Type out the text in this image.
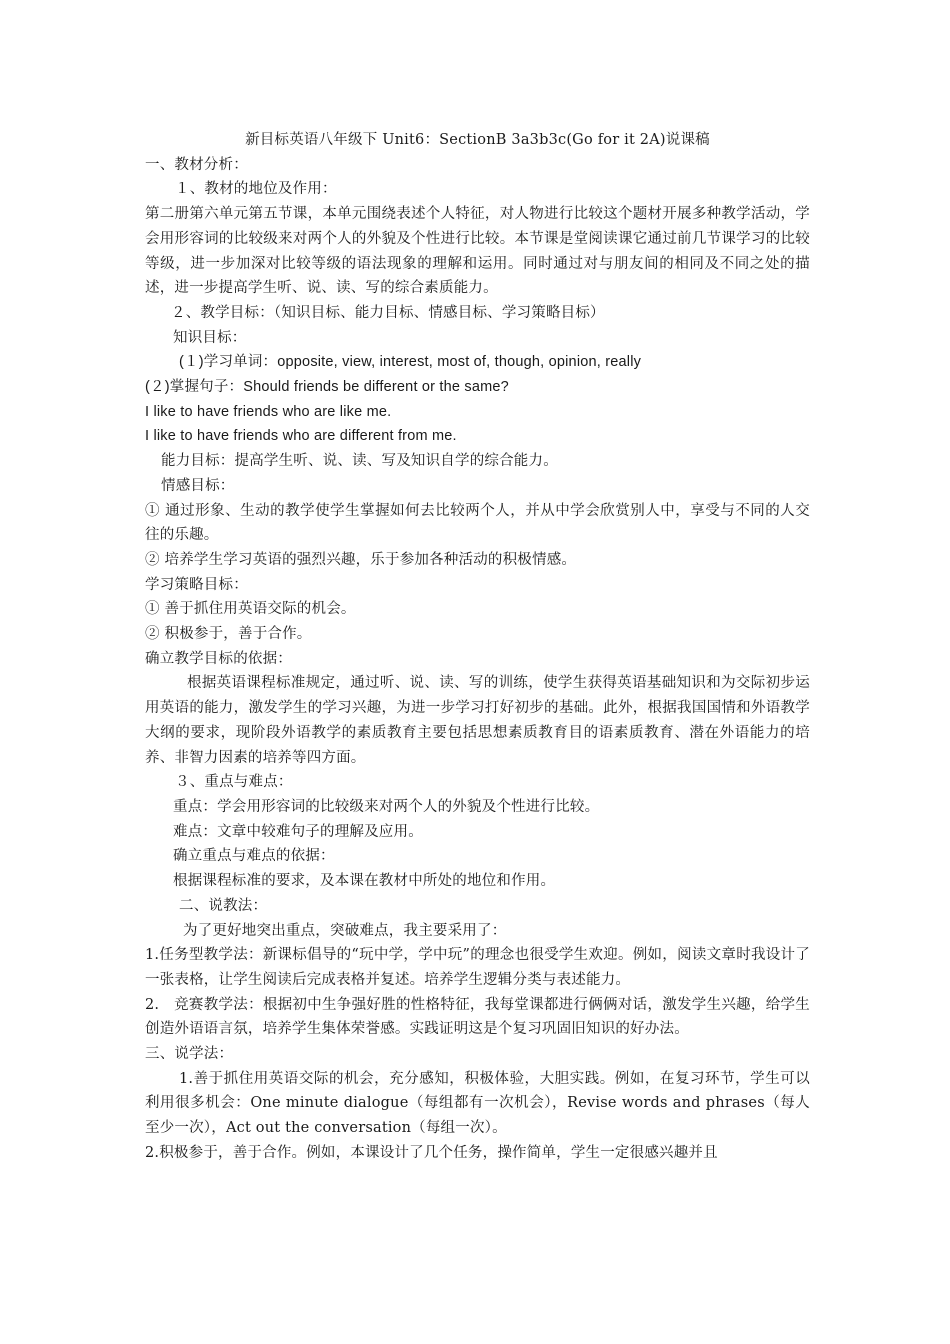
新目标英语八年级下 Unit6：SectionB 3a3b3c(Go for it 2A)说课稿
一、教材分析：
１、教材的地位及作用：
第二册第六单元第五节课，本单元围绕表述个人特征，对人物进行比较这个题材开展多种教学活动，学会用形容词的比较级来对两个人的外貌及个性进行比较。本节课是堂阅读课它通过前几节课学习的比较等级，进一步加深对比较等级的语法现象的理解和运用。同时通过对与朋友间的相同及不同之处的描述，进一步提高学生听、说、读、写的综合素质能力。
２、教学目标：（知识目标、能力目标、情感目标、学习策略目标）
知识目标：
(１)学习单词：opposite, view, interest, most of, though, opinion, really
(２)掌握句子：Should friends be different or the same?
I like to have friends who are like me.
I like to have friends who are different from me.
能力目标：提高学生听、说、读、写及知识自学的综合能力。
情感目标：
① 通过形象、生动的教学使学生掌握如何去比较两个人，并从中学会欣赏别人中，享受与不同的人交往的乐趣。
② 培养学生学习英语的强烈兴趣，乐于参加各种活动的积极情感。
学习策略目标：
① 善于抓住用英语交际的机会。
② 积极参于，善于合作。
确立教学目标的依据：
根据英语课程标准规定，通过听、说、读、写的训练，使学生获得英语基础知识和为交际初步运用英语的能力，激发学生的学习兴趣，为进一步学习打好初步的基础。此外，根据我国国情和外语教学大纲的要求，现阶段外语教学的素质教育主要包括思想素质教育目的语素质教育、潜在外语能力的培养、非智力因素的培养等四方面。
３、重点与难点：
重点：学会用形容词的比较级来对两个人的外貌及个性进行比较。
难点：文章中较难句子的理解及应用。
确立重点与难点的依据：
根据课程标准的要求，及本课在教材中所处的地位和作用。
二、说教法：
为了更好地突出重点，突破难点，我主要采用了：
1.任务型教学法：新课标倡导的“玩中学，学中玩”的理念也很受学生欢迎。例如，阅读文章时我设计了一张表格，让学生阅读后完成表格并复述。培养学生逻辑分类与表述能力。
2.　竞赛教学法：根据初中生争强好胜的性格特征，我每堂课都进行俩俩对话，激发学生兴趣，给学生创造外语语言氛，培养学生集体荣誉感。实践证明这是个复习巩固旧知识的好办法。
三、说学法：
1.善于抓住用英语交际的机会，充分感知，积极体验，大胆实践。例如，在复习环节，学生可以利用很多机会：One minute dialogue（每组都有一次机会），Revise words and phrases（每人至少一次），Act out the conversation（每组一次）。
2.积极参于，善于合作。例如，本课设计了几个任务，操作简单，学生一定很感兴趣并且
